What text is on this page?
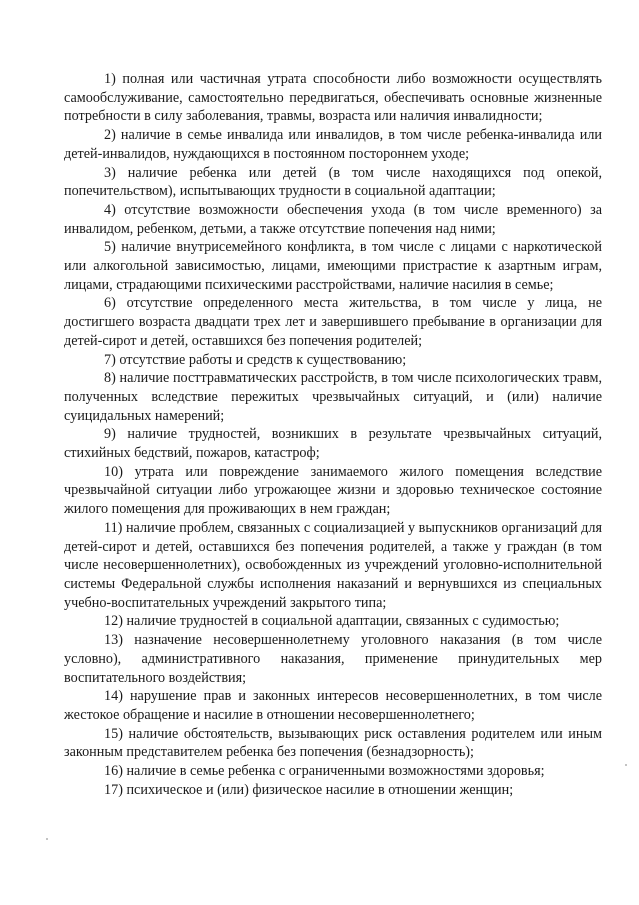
1) полная или частичная утрата способности либо возможности осуществлять самообслуживание, самостоятельно передвигаться, обеспечивать основные жизненные потребности в силу заболевания, травмы, возраста или наличия инвалидности;

2) наличие в семье инвалида или инвалидов, в том числе ребенка-инвалида или детей-инвалидов, нуждающихся в постоянном постороннем уходе;

3) наличие ребенка или детей (в том числе находящихся под опекой, попечительством), испытывающих трудности в социальной адаптации;

4) отсутствие возможности обеспечения ухода (в том числе временного) за инвалидом, ребенком, детьми, а также отсутствие попечения над ними;

5) наличие внутрисемейного конфликта, в том числе с лицами с наркотической или алкогольной зависимостью, лицами, имеющими пристрастие к азартным играм, лицами, страдающими психическими расстройствами, наличие насилия в семье;

6) отсутствие определенного места жительства, в том числе у лица, не достигшего возраста двадцати трех лет и завершившего пребывание в организации для детей-сирот и детей, оставшихся без попечения родителей;

7) отсутствие работы и средств к существованию;

8) наличие посттравматических расстройств, в том числе психологических травм, полученных вследствие пережитых чрезвычайных ситуаций, и (или) наличие суицидальных намерений;

9) наличие трудностей, возникших в результате чрезвычайных ситуаций, стихийных бедствий, пожаров, катастроф;

10) утрата или повреждение занимаемого жилого помещения вследствие чрезвычайной ситуации либо угрожающее жизни и здоровью техническое состояние жилого помещения для проживающих в нем граждан;

11) наличие проблем, связанных с социализацией у выпускников организаций для детей-сирот и детей, оставшихся без попечения родителей, а также у граждан (в том числе несовершеннолетних), освобожденных из учреждений уголовно-исполнительной системы Федеральной службы исполнения наказаний и вернувшихся из специальных учебно-воспитательных учреждений закрытого типа;

12) наличие трудностей в социальной адаптации, связанных с судимостью;

13) назначение несовершеннолетнему уголовного наказания (в том числе условно), административного наказания, применение принудительных мер воспитательного воздействия;

14) нарушение прав и законных интересов несовершеннолетних, в том числе жестокое обращение и насилие в отношении несовершеннолетнего;

15) наличие обстоятельств, вызывающих риск оставления родителем или иным законным представителем ребенка без попечения (безнадзорность);

16) наличие в семье ребенка с ограниченными возможностями здоровья;

17) психическое и (или) физическое насилие в отношении женщин;
